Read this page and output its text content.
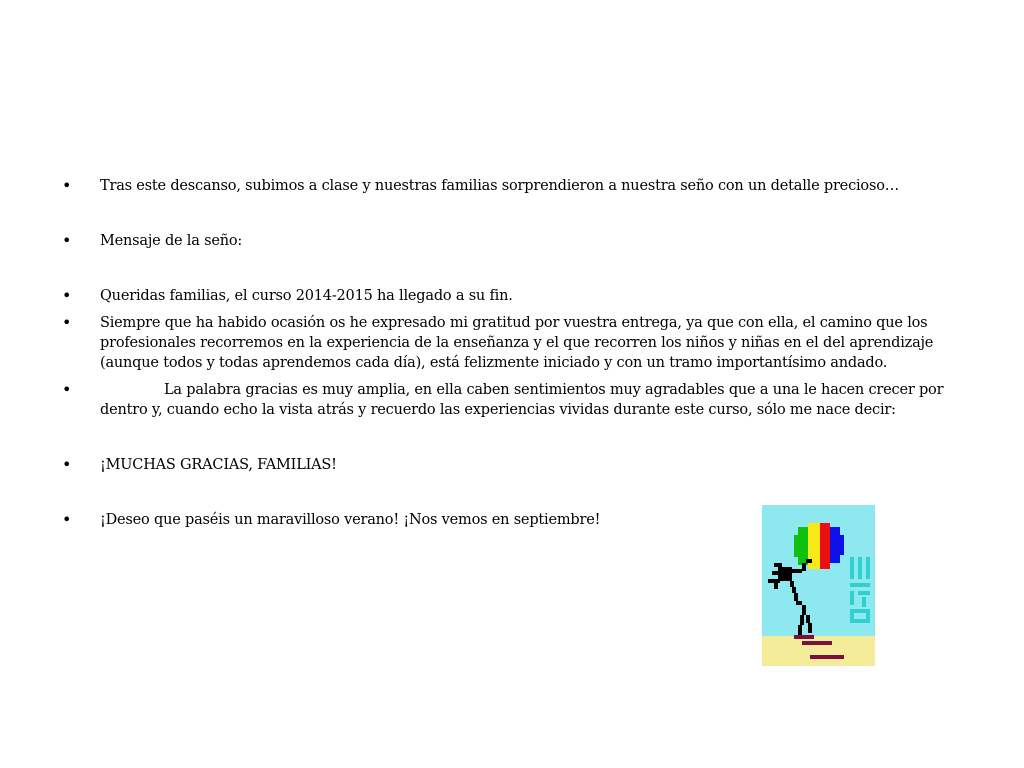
• Tras este descanso, subimos a clase y nuestras familias sorprendieron a nuestra seño con un detalle precioso…
• Mensaje de la seño:
• Queridas familias, el curso 2014-2015 ha llegado a su fin.
• Siempre que ha habido ocasión os he expresado mi gratitud por vuestra entrega, ya que con ella, el camino que los profesionales recorremos en la experiencia de la enseñanza y el que recorren los niños y niñas en el del aprendizaje (aunque todos y todas aprendemos cada día), está felizmente iniciado y con un tramo importantísimo andado.
•	La palabra gracias es muy amplia, en ella caben sentimientos muy agradables que a una le hacen crecer por dentro y, cuando echo la vista atrás y recuerdo las experiencias vividas durante este curso, sólo me nace decir:
• ¡MUCHAS GRACIAS, FAMILIAS!
• ¡Deseo que paséis un maravilloso verano! ¡Nos vemos en septiembre!
